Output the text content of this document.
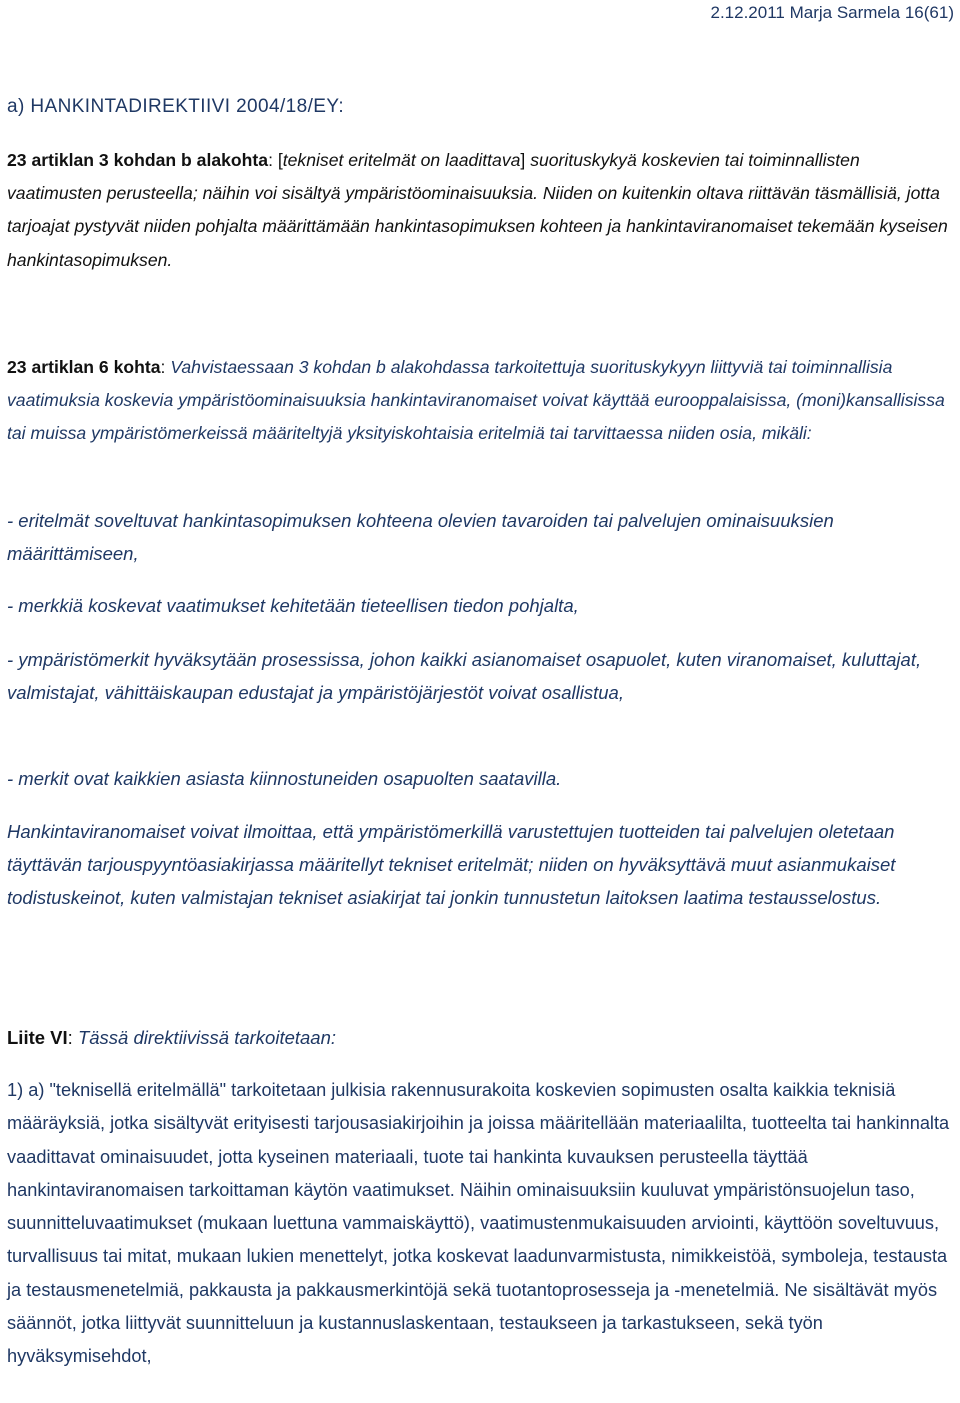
2.12.2011 Marja Sarmela 16(61)
a) HANKINTADIREKTIIVI 2004/18/EY:

23 artiklan 3 kohdan b alakohta: [tekniset eritelmät on laadittava] suorituskykyä koskevien tai toiminnallisten vaatimusten perusteella; näihin voi sisältyä ympäristöominaisuuksia. Niiden on kuitenkin oltava riittävän täsmällisiä, jotta tarjoajat pystyvät niiden pohjalta määrittämään hankintasopimuksen kohteen ja hankintaviranomaiset tekemään kyseisen hankintasopimuksen.

23 artiklan 6 kohta: Vahvistaessaan 3 kohdan b alakohdassa tarkoitettuja suorituskykyyn liittyviä tai toiminnallisia vaatimuksia koskevia ympäristöominaisuuksia hankintaviranomaiset voivat käyttää eurooppalaisissa, (moni)kansallisissa tai muissa ympäristömerkeissä määriteltyjä yksityiskohtaisia eritelmiä tai tarvittaessa niiden osia, mikäli:

- eritelmät soveltuvat hankintasopimuksen kohteena olevien tavaroiden tai palvelujen ominaisuuksien määrittämiseen,

- merkkiä koskevat vaatimukset kehitetään tieteellisen tiedon pohjalta,

- ympäristömerkit hyväksytään prosessissa, johon kaikki asianomaiset osapuolet, kuten viranomaiset, kuluttajat, valmistajat, vähittäiskaupan edustajat ja ympäristöjärjestöt voivat osallistua,

- merkit ovat kaikkien asiasta kiinnostuneiden osapuolten saatavilla.

Hankintaviranomaiset voivat ilmoittaa, että ympäristömerkillä varustettujen tuotteiden tai palvelujen oletetaan täyttävän tarjouspyyntöasiakirjassa määritellyt tekniset eritelmät; niiden on hyväksyttävä muut asianmukaiset todistuskeinot, kuten valmistajan tekniset asiakirjat tai jonkin tunnustetun laitoksen laatima testausselostus.

Liite VI: Tässä direktiivissä tarkoitetaan:

1) a) "teknisellä eritelmällä" tarkoitetaan julkisia rakennusurakoita koskevien sopimusten osalta kaikkia teknisiä määräyksiä, jotka sisältyvät erityisesti tarjousasiakirjoihin ja joissa määritellään materiaalilta, tuotteelta tai hankinnalta vaadittavat ominaisuudet, jotta kyseinen materiaali, tuote tai hankinta kuvauksen perusteella täyttää hankintaviranomaisen tarkoittaman käytön vaatimukset. Näihin ominaisuuksiin kuuluvat ympäristönsuojelun taso, suunnitteluvaatimukset (mukaan luettuna vammaiskäyttö), vaatimustenmukaisuuden arviointi, käyttöön soveltuvuus, turvallisuus tai mitat, mukaan lukien menettelyt, jotka koskevat laadunvarmistusta, nimikkeistöä, symboleja, testausta ja testausmenetelmiä, pakkausta ja pakkausmerkintöjä sekä tuotantoprosesseja ja -menetelmiä. Ne sisältävät myös säännöt, jotka liittyvät suunnitteluun ja kustannuslaskentaan, testaukseen ja tarkastukseen, sekä työn hyväksymisehdot,
